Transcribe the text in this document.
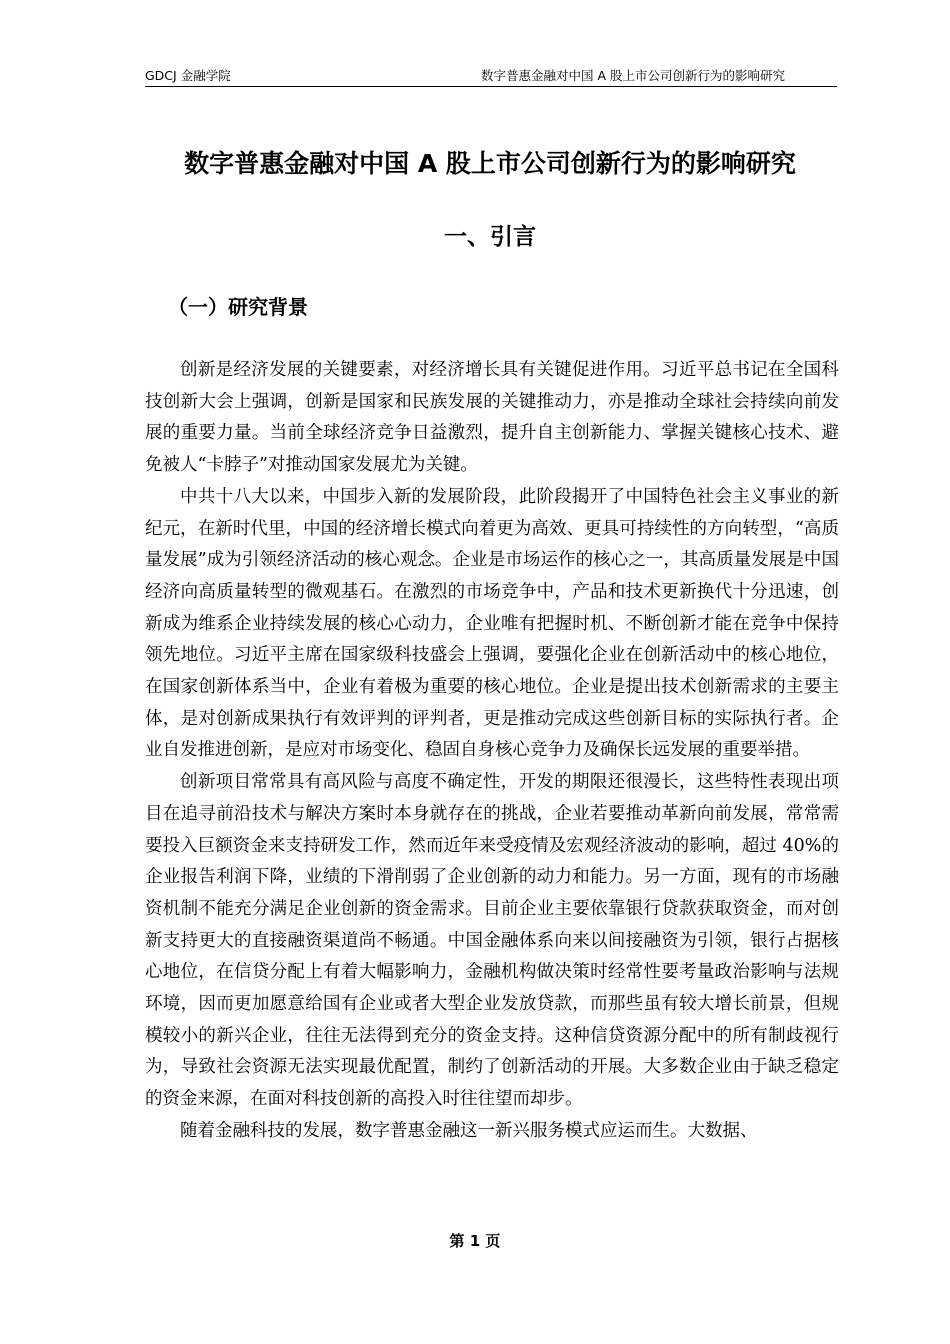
GDCJ 金融学院	数字普惠金融对中国 A 股上市公司创新行为的影响研究
数字普惠金融对中国 A 股上市公司创新行为的影响研究
一、引言
（一）研究背景

创新是经济发展的关键要素，对经济增长具有关键促进作用。习近平总书记在全国科技创新大会上强调，创新是国家和民族发展的关键推动力，亦是推动全球社会持续向前发展的重要力量。当前全球经济竞争日益激烈，提升自主创新能力、掌握关键核心技术、避免被人“卡脖子”对推动国家发展尤为关键。

中共十八大以来，中国步入新的发展阶段，此阶段揭开了中国特色社会主义事业的新纪元，在新时代里，中国的经济增长模式向着更为高效、更具可持续性的方向转型，“高质量发展”成为引领经济活动的核心观念。企业是市场运作的核心之一，其高质量发展是中国经济向高质量转型的微观基石。在激烈的市场竞争中，产品和技术更新换代十分迅速，创新成为维系企业持续发展的核心心动力，企业唯有把握时机、不断创新才能在竞争中保持领先地位。习近平主席在国家级科技盛会上强调，要强化企业在创新活动中的核心地位，在国家创新体系当中，企业有着极为重要的核心地位。企业是提出技术创新需求的主要主体，是对创新成果执行有效评判的评判者，更是推动完成这些创新目标的实际执行者。企业自发推进创新，是应对市场变化、稳固自身核心竞争力及确保长远发展的重要举措。

创新项目常常具有高风险与高度不确定性，开发的期限还很漫长，这些特性表现出项目在追寻前沿技术与解决方案时本身就存在的挑战，企业若要推动革新向前发展，常常需要投入巨额资金来支持研发工作，然而近年来受疫情及宏观经济波动的影响，超过 40%的企业报告利润下降，业绩的下滑削弱了企业创新的动力和能力。另一方面，现有的市场融资机制不能充分满足企业创新的资金需求。目前企业主要依靠银行贷款获取资金，而对创新支持更大的直接融资渠道尚不畅通。中国金融体系向来以间接融资为引领，银行占据核心地位，在信贷分配上有着大幅影响力，金融机构做决策时经常性要考量政治影响与法规环境，因而更加愿意给国有企业或者大型企业发放贷款，而那些虽有较大增长前景，但规模较小的新兴企业，往往无法得到充分的资金支持。这种信贷资源分配中的所有制歧视行为，导致社会资源无法实现最优配置，制约了创新活动的开展。大多数企业由于缺乏稳定的资金来源，在面对科技创新的高投入时往往望而却步。

随着金融科技的发展，数字普惠金融这一新兴服务模式应运而生。大数据、

第 1 页
